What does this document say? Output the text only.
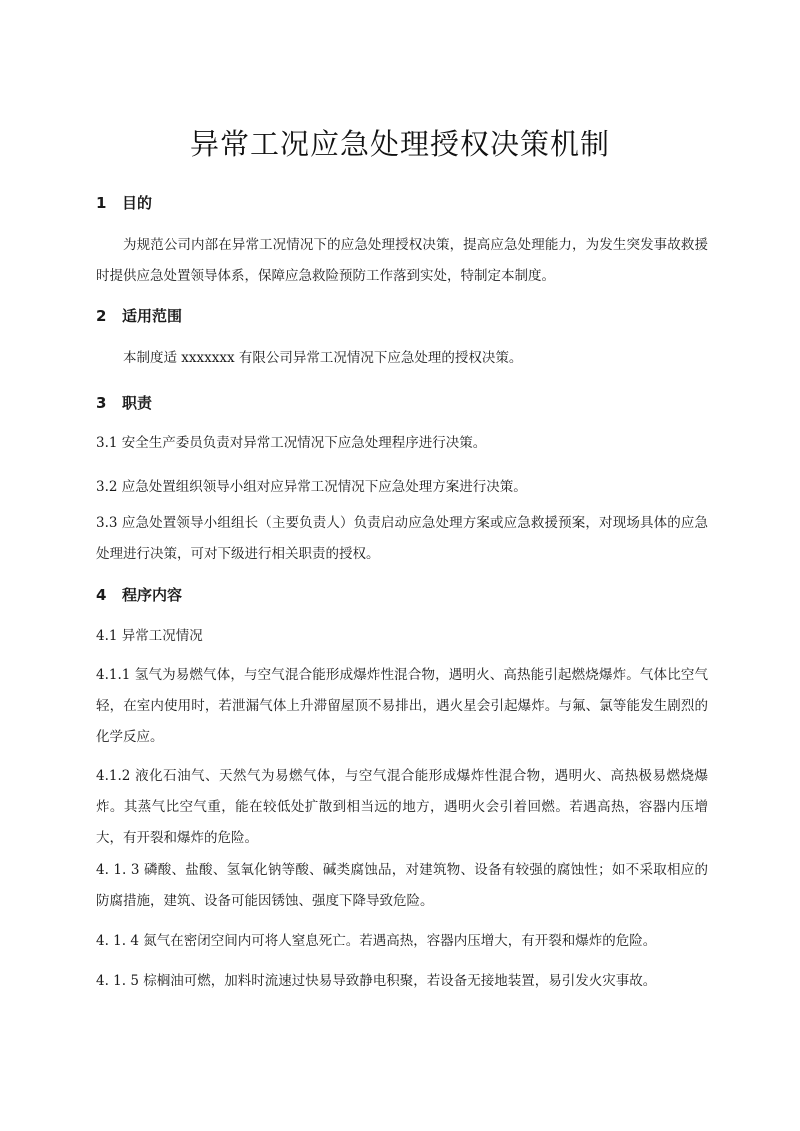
异常工况应急处理授权决策机制
1 目的

为规范公司内部在异常工况情况下的应急处理授权决策，提高应急处理能力，为发生突发事故救援时提供应急处置领导体系，保障应急救险预防工作落到实处，特制定本制度。

2 适用范围

本制度适 xxxxxxx 有限公司异常工况情况下应急处理的授权决策。

3 职责

3.1 安全生产委员负责对异常工况情况下应急处理程序进行决策。

3.2 应急处置组织领导小组对应异常工况情况下应急处理方案进行决策。

3.3 应急处置领导小组组长（主要负责人）负责启动应急处理方案或应急救援预案，对现场具体的应急处理进行决策，可对下级进行相关职责的授权。

4 程序内容

4.1 异常工况情况

4.1.1 氢气为易燃气体，与空气混合能形成爆炸性混合物，遇明火、高热能引起燃烧爆炸。气体比空气轻，在室内使用时，若泄漏气体上升滞留屋顶不易排出，遇火星会引起爆炸。与氟、氯等能发生剧烈的化学反应。

4.1.2 液化石油气、天然气为易燃气体，与空气混合能形成爆炸性混合物，遇明火、高热极易燃烧爆炸。其蒸气比空气重，能在较低处扩散到相当远的地方，遇明火会引着回燃。若遇高热，容器内压增大，有开裂和爆炸的危险。

4. 1. 3 磷酸、盐酸、氢氧化钠等酸、碱类腐蚀品，对建筑物、设备有较强的腐蚀性；如不采取相应的防腐措施，建筑、设备可能因锈蚀、强度下降导致危险。

4. 1. 4 氮气在密闭空间内可将人窒息死亡。若遇高热，容器内压增大，有开裂和爆炸的危险。

4. 1. 5 棕榈油可燃，加料时流速过快易导致静电积聚，若设备无接地装置，易引发火灾事故。
